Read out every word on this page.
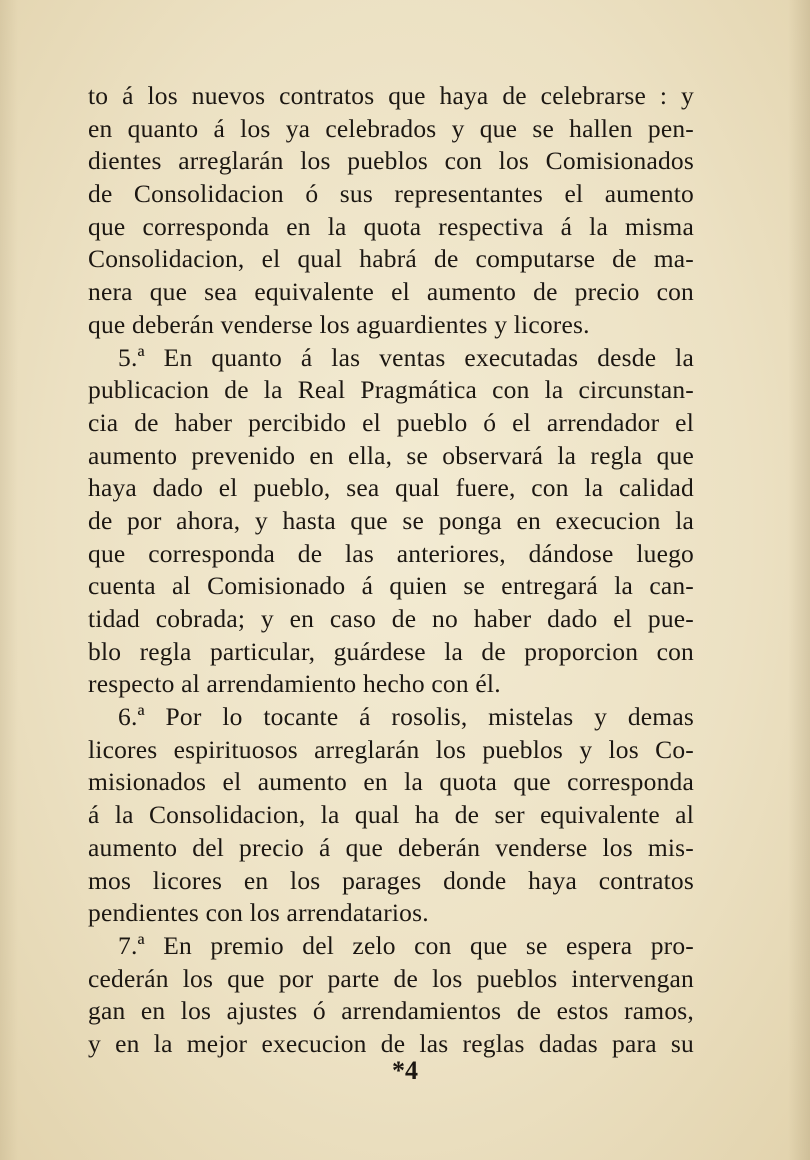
to á los nuevos contratos que haya de celebrarse : y
en quanto á los ya celebrados y que se hallen pen-
dientes arreglarán los pueblos con los Comisionados
de Consolidacion ó sus representantes el aumento
que corresponda en la quota respectiva á la misma
Consolidacion, el qual habrá de computarse de ma-
nera que sea equivalente el aumento de precio con
que deberán venderse los aguardientes y licores.
5.ª En quanto á las ventas executadas desde la
publicacion de la Real Pragmática con la circunstan-
cia de haber percibido el pueblo ó el arrendador el
aumento prevenido en ella, se observará la regla que
haya dado el pueblo, sea qual fuere, con la calidad
de por ahora, y hasta que se ponga en execucion la
que corresponda de las anteriores, dándose luego
cuenta al Comisionado á quien se entregará la can-
tidad cobrada; y en caso de no haber dado el pue-
blo regla particular, guárdese la de proporcion con
respecto al arrendamiento hecho con él.
6.ª Por lo tocante á rosolis, mistelas y demas
licores espirituosos arreglarán los pueblos y los Co-
misionados el aumento en la quota que corresponda
á la Consolidacion, la qual ha de ser equivalente al
aumento del precio á que deberán venderse los mis-
mos licores en los parages donde haya contratos
pendientes con los arrendatarios.
7.ª En premio del zelo con que se espera pro-
cederán los que por parte de los pueblos intervengan
gan en los ajustes ó arrendamientos de estos ramos,
y en la mejor execucion de las reglas dadas para su
*4
